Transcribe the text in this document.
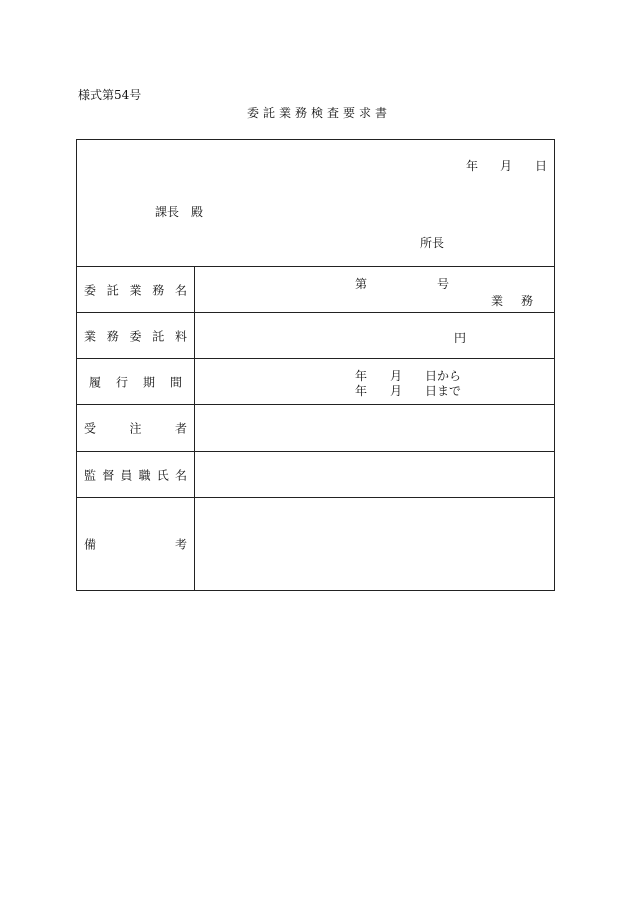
様式第54号
委託業務検査要求書
年 月 日
課長　殿
所長
委 託 業 務 名	第	号
業　務
業 務 委 託 料	円
履 行 期 間	年 月 日から
年 月 日まで
受	注	者
監 督 員 職 氏 名
備	考
